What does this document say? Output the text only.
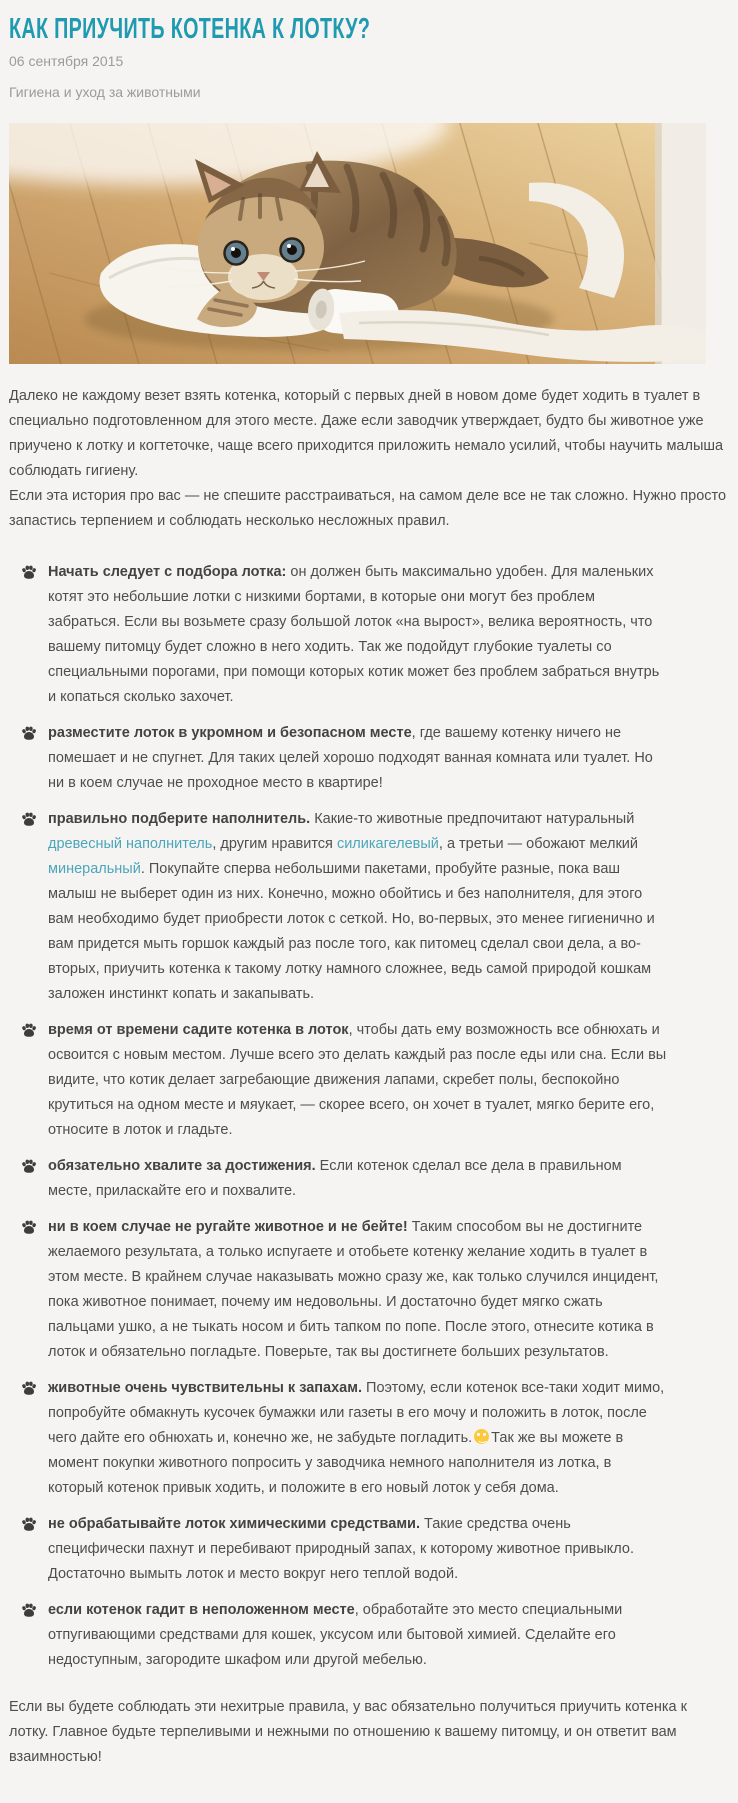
КАК ПРИУЧИТЬ КОТЕНКА К ЛОТКУ?
06 сентября 2015
Гигиена и уход за животными

Далеко не каждому везет взять котенка, который с первых дней в новом доме будет ходить в туалет в специально подготовленном для этого месте. Даже если заводчик утверждает, будто бы животное уже приучено к лотку и когтеточке, чаще всего приходится приложить немало усилий, чтобы научить малыша соблюдать гигиену.

Если эта история про вас — не спешите расстраиваться, на самом деле все не так сложно. Нужно просто запастись терпением и соблюдать несколько несложных правил.

Начать следует с подбора лотка: он должен быть максимально удобен. Для маленьких котят это небольшие лотки с низкими бортами, в которые они могут без проблем забраться. Если вы возьмете сразу большой лоток «на вырост», велика вероятность, что вашему питомцу будет сложно в него ходить. Так же подойдут глубокие туалеты со специальными порогами, при помощи которых котик может без проблем забраться внутрь и копаться сколько захочет.
разместите лоток в укромном и безопасном месте, где вашему котенку ничего не помешает и не спугнет. Для таких целей хорошо подходят ванная комната или туалет. Но ни в коем случае не проходное место в квартире!
правильно подберите наполнитель. Какие-то животные предпочитают натуральный древесный наполнитель, другим нравится силикагелевый, а третьи — обожают мелкий минеральный. Покупайте сперва небольшими пакетами, пробуйте разные, пока ваш малыш не выберет один из них. Конечно, можно обойтись и без наполнителя, для этого вам необходимо будет приобрести лоток с сеткой. Но, во-первых, это менее гигиенично и вам придется мыть горшок каждый раз после того, как питомец сделал свои дела, а во-вторых, приучить котенка к такому лотку намного сложнее, ведь самой природой кошкам заложен инстинкт копать и закапывать.
время от времени садите котенка в лоток, чтобы дать ему возможность все обнюхать и освоится с новым местом. Лучше всего это делать каждый раз после еды или сна. Если вы видите, что котик делает загребающие движения лапами, скребет полы, беспокойно крутиться на одном месте и мяукает, — скорее всего, он хочет в туалет, мягко берите его, относите в лоток и гладьте.
обязательно хвалите за достижения. Если котенок сделал все дела в правильном месте, приласкайте его и похвалите.
ни в коем случае не ругайте животное и не бейте! Таким способом вы не достигните желаемого результата, а только испугаете и отобьете котенку желание ходить в туалет в этом месте. В крайнем случае наказывать можно сразу же, как только случился инцидент, пока животное понимает, почему им недовольны. И достаточно будет мягко сжать пальцами ушко, а не тыкать носом и бить тапком по попе. После этого, отнесите котика в лоток и обязательно погладьте. Поверьте, так вы достигнете больших результатов.
животные очень чувствительны к запахам. Поэтому, если котенок все-таки ходит мимо, попробуйте обмакнуть кусочек бумажки или газеты в его мочу и положить в лоток, после чего дайте его обнюхать и, конечно же, не забудьте погладить. Так же вы можете в момент покупки животного попросить у заводчика немного наполнителя из лотка, в который котенок привык ходить, и положите в его новый лоток у себя дома.
не обрабатывайте лоток химическими средствами. Такие средства очень специфически пахнут и перебивают природный запах, к которому животное привыкло. Достаточно вымыть лоток и место вокруг него теплой водой.
если котенок гадит в неположенном месте, обработайте это место специальными отпугивающими средствами для кошек, уксусом или бытовой химией. Сделайте его недоступным, загородите шкафом или другой мебелью.

Если вы будете соблюдать эти нехитрые правила, у вас обязательно получиться приучить котенка к лотку. Главное будьте терпеливыми и нежными по отношению к вашему питомцу, и он ответит вам взаимностью!
